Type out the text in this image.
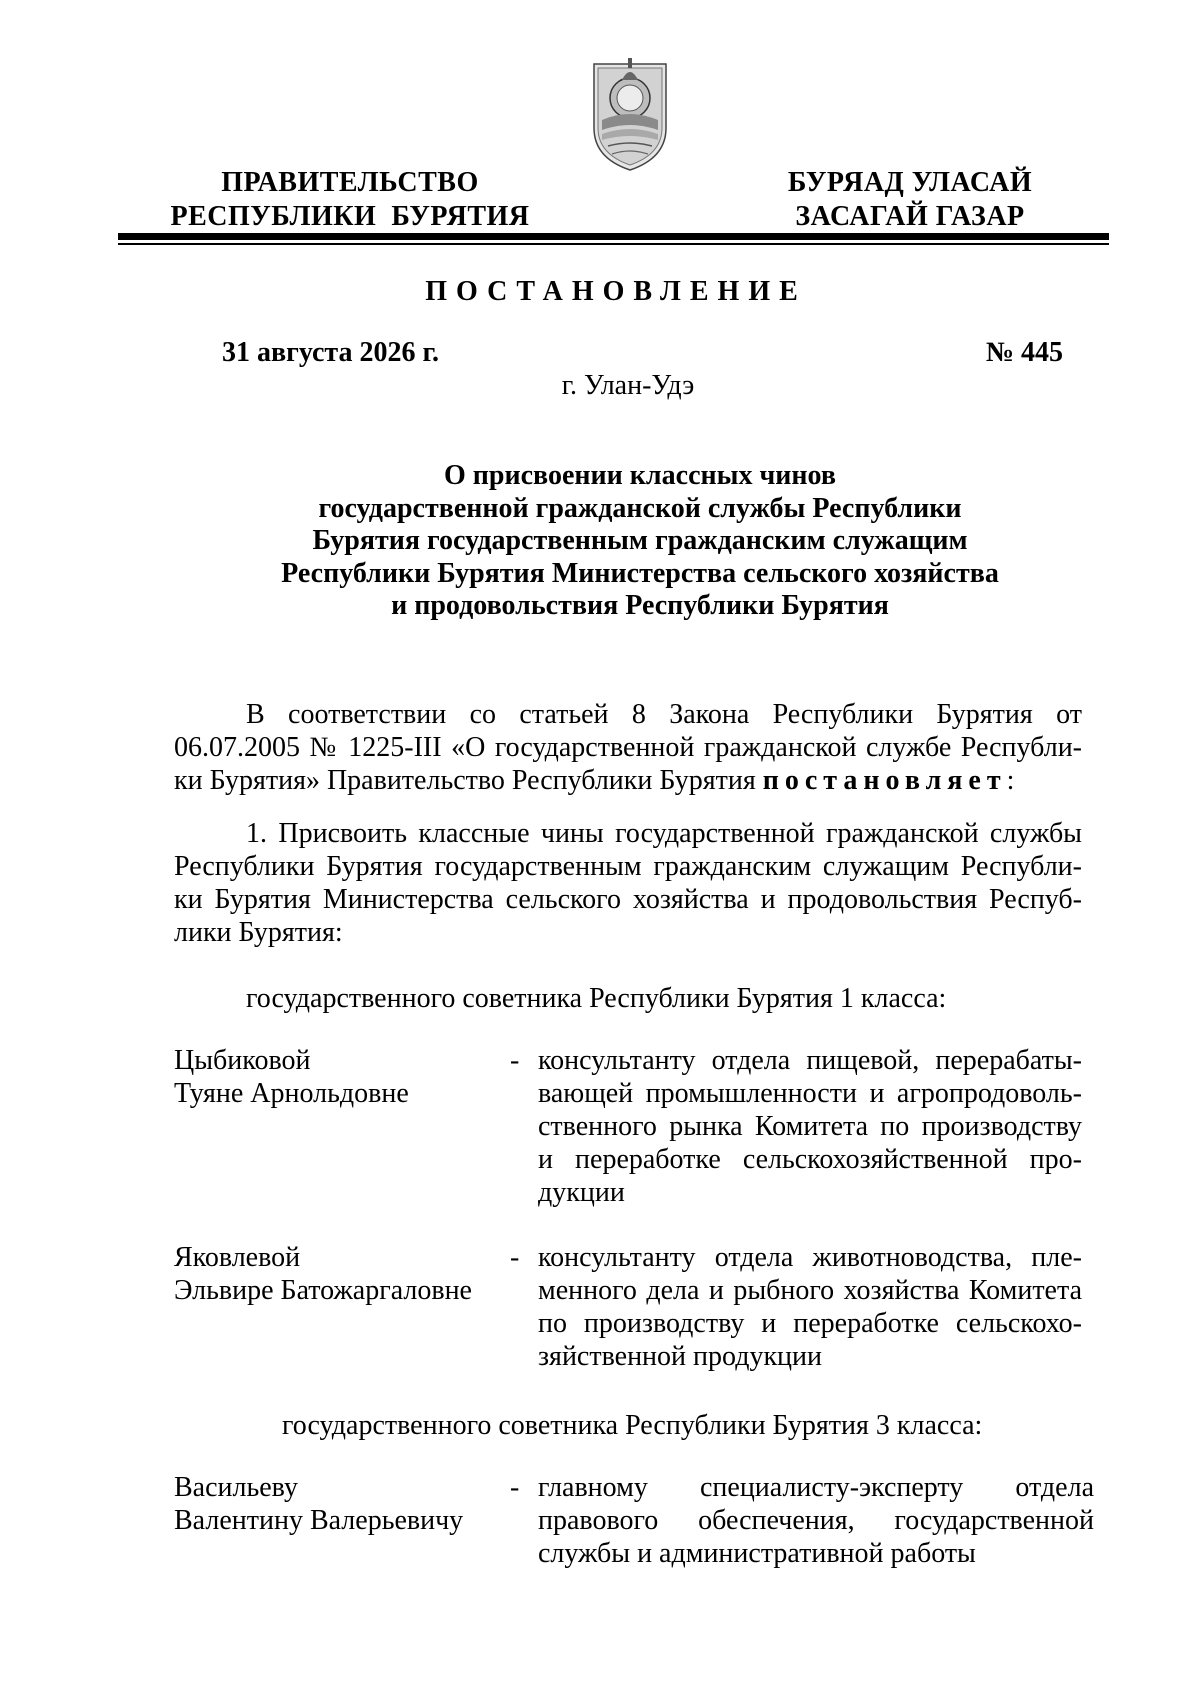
ПРАВИТЕЛЬСТВО
РЕСПУБЛИКИ  БУРЯТИЯ
БУРЯАД УЛАСАЙ
ЗАСАГАЙ ГАЗАР
ПОСТАНОВЛЕНИЕ
31 августа 2026 г.	№ 445
г. Улан-Удэ
О присвоении классных чинов
государственной гражданской службы Республики
Бурятия государственным гражданским служащим
Республики Бурятия Министерства сельского хозяйства
и продовольствия Республики Бурятия
В соответствии со статьей 8 Закона Республики Бурятия от
06.07.2005 № 1225-III «О государственной гражданской службе Республи-
ки Бурятия» Правительство Республики Бурятия постановляет:
1. Присвоить классные чины государственной гражданской службы
Республики Бурятия государственным гражданским служащим Республи-
ки Бурятия Министерства сельского хозяйства и продовольствия Респуб-
лики Бурятия:
государственного советника Республики Бурятия 1 класса:
Цыбиковой
Туяне Арнольдовне
- консультанту отдела пищевой, перерабаты-
вающей промышленности и агропродоволь-
ственного рынка Комитета по производству
и переработке сельскохозяйственной про-
дукции
Яковлевой
Эльвире Батожаргаловне
- консультанту отдела животноводства, пле-
менного дела и рыбного хозяйства Комитета
по производству и переработке сельскохо-
зяйственной продукции
государственного советника Республики Бурятия 3 класса:
Васильеву
Валентину Валерьевичу
- главному специалисту-эксперту отдела
правового обеспечения, государственной
службы и административной работы
